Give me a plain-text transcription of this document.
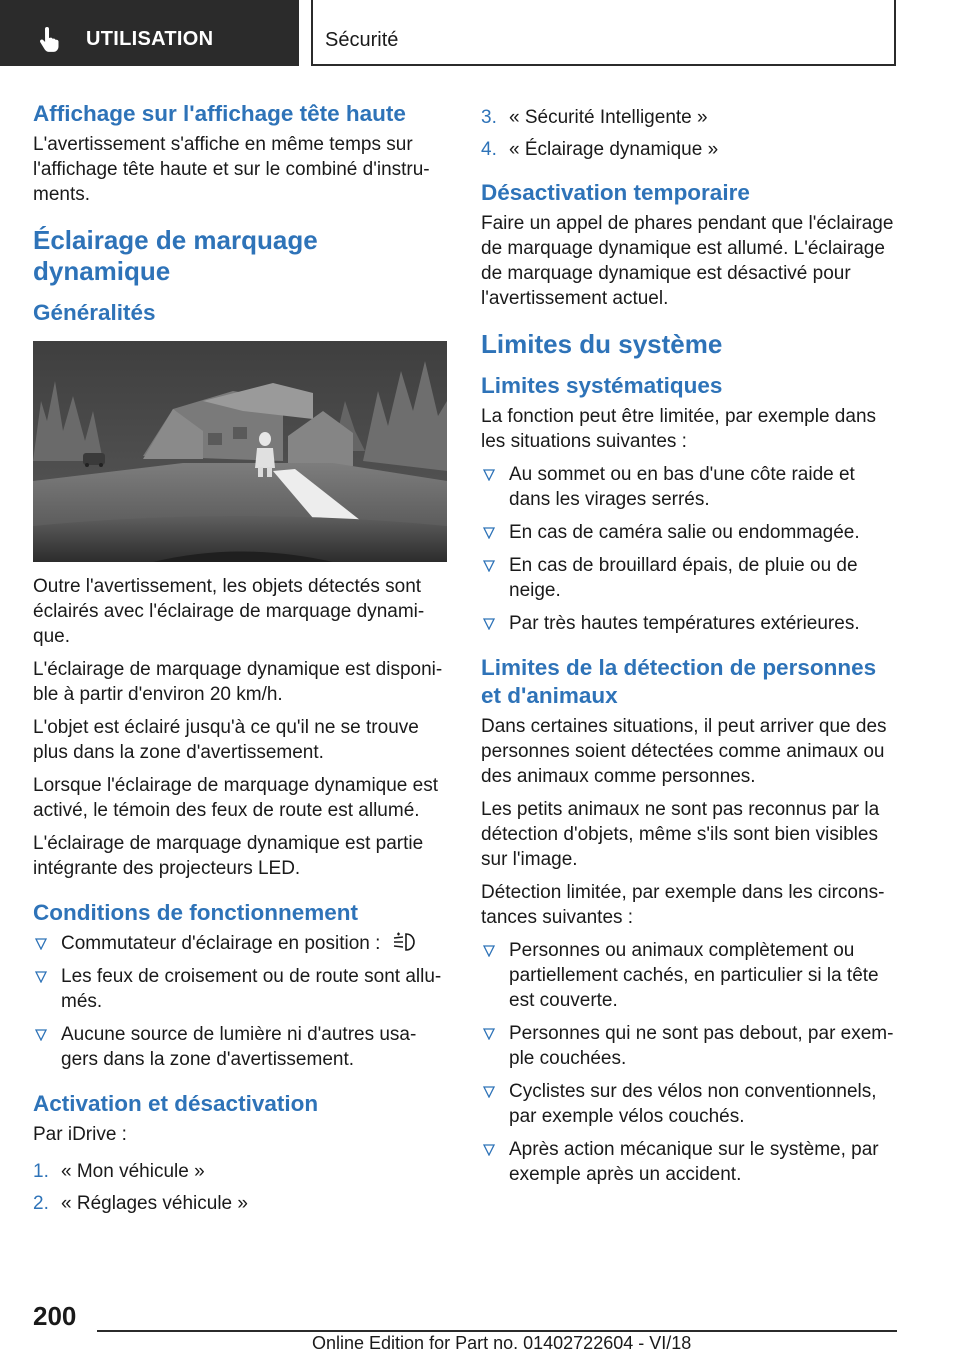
UTILISATION	Sécurité
Affichage sur l'affichage tête haute

L'avertissement s'affiche en même temps sur l'affichage tête haute et sur le combiné d'instru-ments.

Éclairage de marquage dynamique
Généralités

Outre l'avertissement, les objets détectés sont éclairés avec l'éclairage de marquage dynami-que.

L'éclairage de marquage dynamique est disponi-ble à partir d'environ 20 km/h.

L'objet est éclairé jusqu'à ce qu'il ne se trouve plus dans la zone d'avertissement.

Lorsque l'éclairage de marquage dynamique est activé, le témoin des feux de route est allumé.

L'éclairage de marquage dynamique est partie intégrante des projecteurs LED.

Conditions de fonctionnement
Commutateur d'éclairage en position :
Les feux de croisement ou de route sont allu-més.
Aucune source de lumière ni d'autres usa-gers dans la zone d'avertissement.
Activation et désactivation

Par iDrive :

1. « Mon véhicule »
2. « Réglages véhicule »
3. « Sécurité Intelligente »
4. « Éclairage dynamique »
Désactivation temporaire

Faire un appel de phares pendant que l'éclairage de marquage dynamique est allumé. L'éclairage de marquage dynamique est désactivé pour l'avertissement actuel.

Limites du système
Limites systématiques

La fonction peut être limitée, par exemple dans les situations suivantes :

Au sommet ou en bas d'une côte raide et dans les virages serrés.
En cas de caméra salie ou endommagée.
En cas de brouillard épais, de pluie ou de neige.
Par très hautes températures extérieures.
Limites de la détection de personnes et d'animaux

Dans certaines situations, il peut arriver que des personnes soient détectées comme animaux ou des animaux comme personnes.

Les petits animaux ne sont pas reconnus par la détection d'objets, même s'ils sont bien visibles sur l'image.

Détection limitée, par exemple dans les circons-tances suivantes :

Personnes ou animaux complètement ou partiellement cachés, en particulier si la tête est couverte.
Personnes qui ne sont pas debout, par exem-ple couchées.
Cyclistes sur des vélos non conventionnels, par exemple vélos couchés.
Après action mécanique sur le système, par exemple après un accident.
200
Online Edition for Part no. 01402722604 - VI/18
